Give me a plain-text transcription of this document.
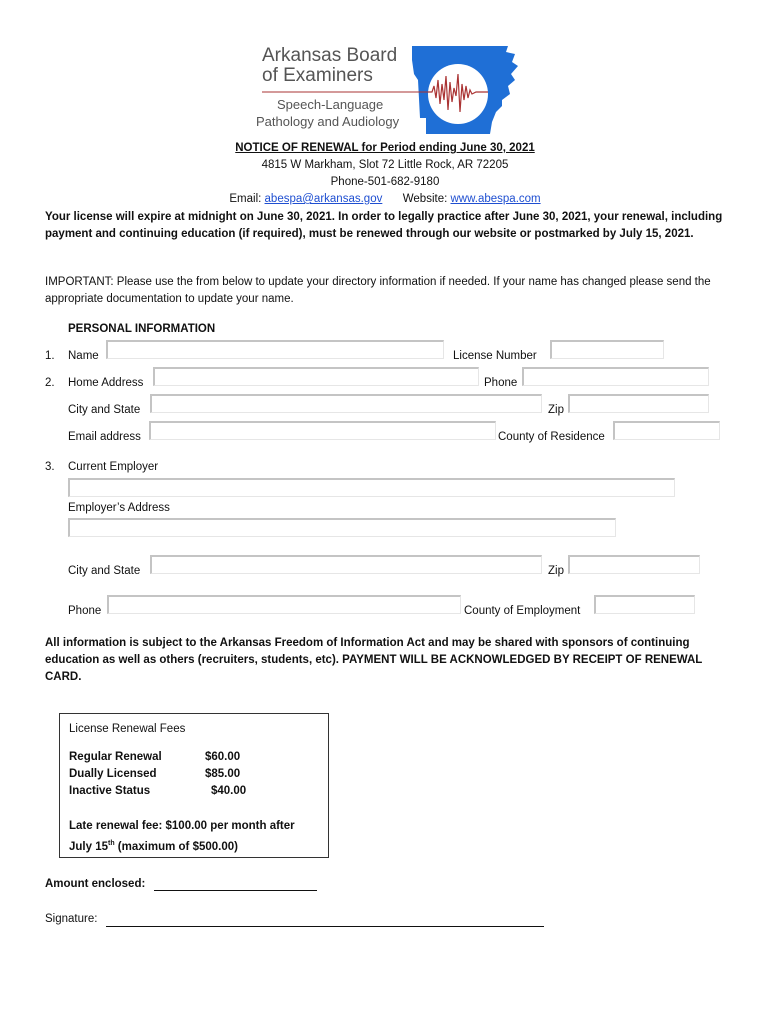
Arkansas Board
of Examiners
Speech-Language
Pathology and Audiology
NOTICE OF RENEWAL for Period ending June 30, 2021
4815 W Markham, Slot 72 Little Rock, AR 72205
Phone-501-682-9180
Email: abespa@arkansas.gov Website: www.abespa.com
Your license will expire at midnight on June 30, 2021. In order to legally practice after June 30, 2021, your renewal, including payment and continuing education (if required), must be renewed through our website or postmarked by July 15, 2021.
IMPORTANT: Please use the from below to update your directory information if needed. If your name has changed please send the appropriate documentation to update your name.
PERSONAL INFORMATION
1. Name	License Number
2. Home Address	Phone
City and State	Zip
Email address	County of Residence
3. Current Employer
Employer’s Address
City and State	Zip
Phone	County of Employment
All information is subject to the Arkansas Freedom of Information Act and may be shared with sponsors of continuing education as well as others (recruiters, students, etc). PAYMENT WILL BE ACKNOWLEDGED BY RECEIPT OF RENEWAL CARD.
License Renewal Fees
Regular Renewal	$60.00
Dually Licensed	$85.00
Inactive Status	$40.00
Late renewal fee: $100.00 per month after
July 15th (maximum of $500.00)
Amount enclosed:
Signature:
